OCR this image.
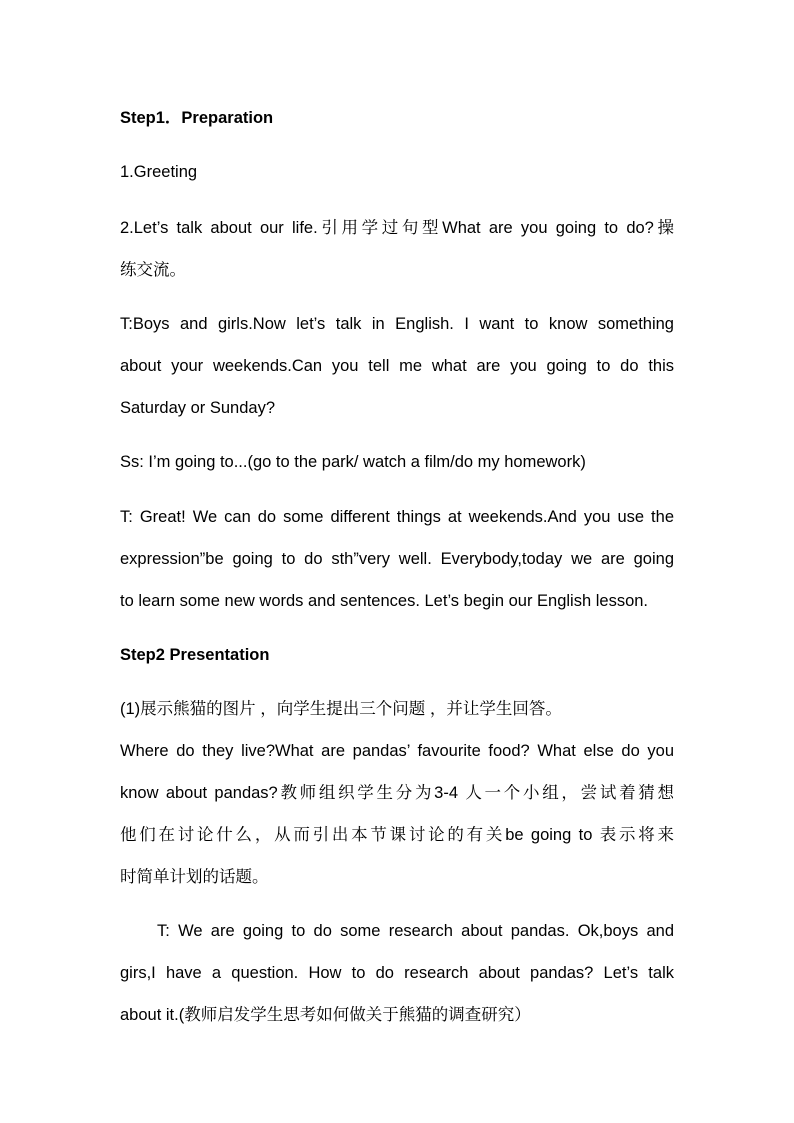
Step1．Preparation
1.Greeting
2.Let’s talk about our life.引用学过句型What are you going to do?操
练交流。
T:Boys and girls.Now let’s talk in English. I want to know something
about your weekends.Can you tell me what are you going to do this
Saturday or Sunday?
Ss: I’m going to...(go to the park/ watch a film/do my homework)
T: Great! We can do some different things at weekends.And you use the
expression”be going to do sth”very well. Everybody,today we are going
to learn some new words and sentences. Let’s begin our English lesson.
Step2 Presentation
(1)展示熊猫的图片 ，向学生提出三个问题 ，并让学生回答。
Where do they live?What are pandas’ favourite food? What else do you
know about pandas?教师组织学生分为3-4 人一个小组，尝试着猜想
他们在讨论什么，从而引出本节课讨论的有关be going to 表示将来
时简单计划的话题。
T: We are going to do some research about pandas. Ok,boys and
girs,I have a question. How to do research about pandas? Let’s talk
about it.(教师启发学生思考如何做关于熊猫的调查研究）
